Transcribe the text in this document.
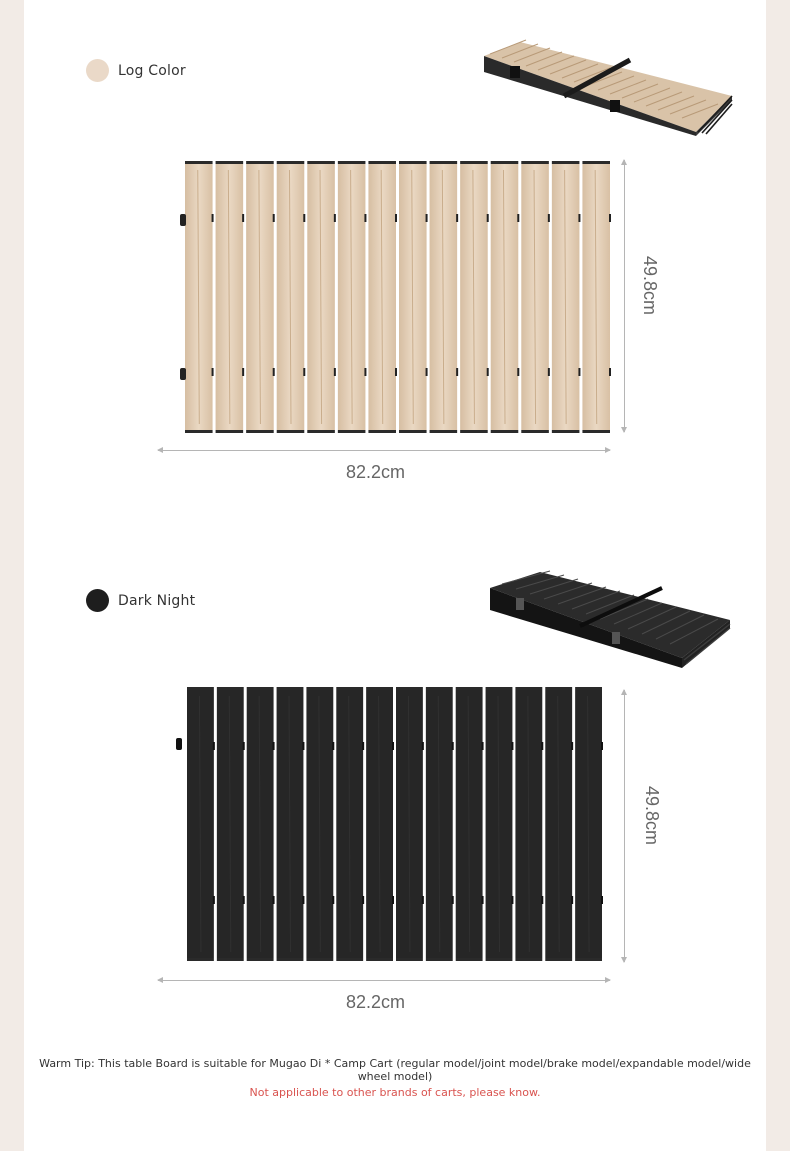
Log Color
82.2cm
49.8cm
Dark Night
82.2cm
49.8cm
Warm Tip: This table Board is suitable for Mugao Di * Camp Cart (regular model/joint model/brake model/expandable model/wide wheel model)
Not applicable to other brands of carts, please know.
